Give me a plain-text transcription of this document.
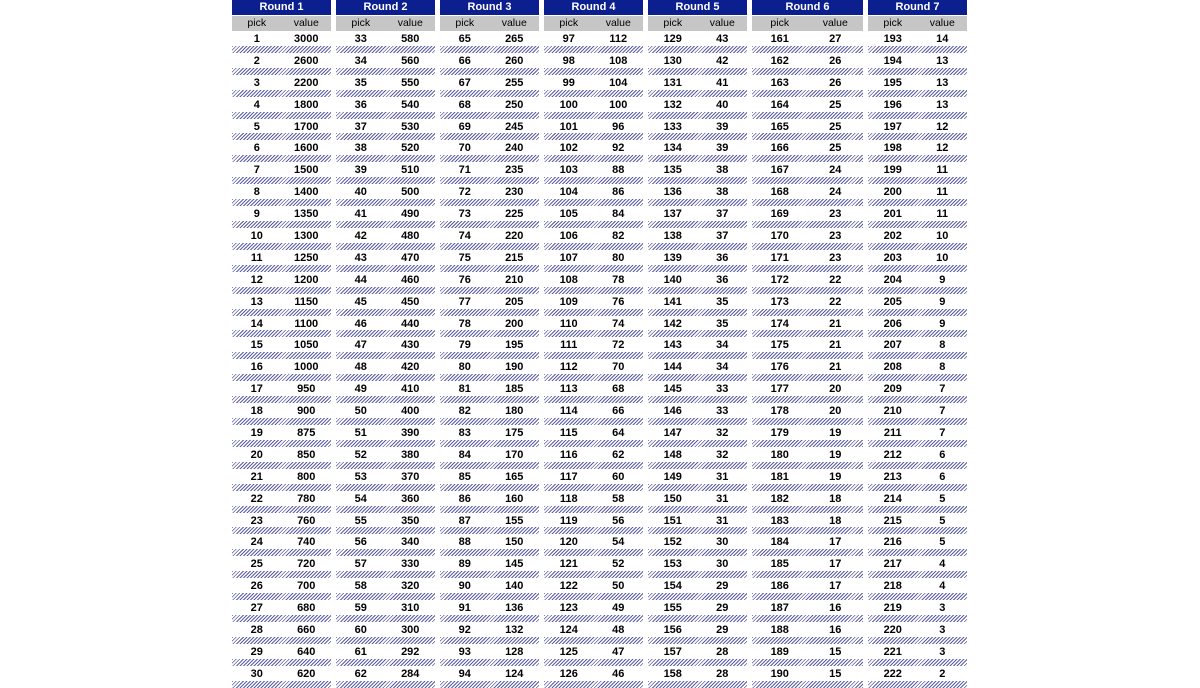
Round 1
pick	value
1	3000
2	2600
3	2200
4	1800
5	1700
6	1600
7	1500
8	1400
9	1350
10	1300
11	1250
12	1200
13	1150
14	1100
15	1050
16	1000
17	950
18	900
19	875
20	850
21	800
22	780
23	760
24	740
25	720
26	700
27	680
28	660
29	640
30	620
Round 2
pick	value
33	580
34	560
35	550
36	540
37	530
38	520
39	510
40	500
41	490
42	480
43	470
44	460
45	450
46	440
47	430
48	420
49	410
50	400
51	390
52	380
53	370
54	360
55	350
56	340
57	330
58	320
59	310
60	300
61	292
62	284
Round 3
pick	value
65	265
66	260
67	255
68	250
69	245
70	240
71	235
72	230
73	225
74	220
75	215
76	210
77	205
78	200
79	195
80	190
81	185
82	180
83	175
84	170
85	165
86	160
87	155
88	150
89	145
90	140
91	136
92	132
93	128
94	124
Round 4
pick	value
97	112
98	108
99	104
100	100
101	96
102	92
103	88
104	86
105	84
106	82
107	80
108	78
109	76
110	74
111	72
112	70
113	68
114	66
115	64
116	62
117	60
118	58
119	56
120	54
121	52
122	50
123	49
124	48
125	47
126	46
Round 5
pick	value
129	43
130	42
131	41
132	40
133	39
134	39
135	38
136	38
137	37
138	37
139	36
140	36
141	35
142	35
143	34
144	34
145	33
146	33
147	32
148	32
149	31
150	31
151	31
152	30
153	30
154	29
155	29
156	29
157	28
158	28
Round 6
pick	value
161	27
162	26
163	26
164	25
165	25
166	25
167	24
168	24
169	23
170	23
171	23
172	22
173	22
174	21
175	21
176	21
177	20
178	20
179	19
180	19
181	19
182	18
183	18
184	17
185	17
186	17
187	16
188	16
189	15
190	15
Round 7
pick	value
193	14
194	13
195	13
196	13
197	12
198	12
199	11
200	11
201	11
202	10
203	10
204	9
205	9
206	9
207	8
208	8
209	7
210	7
211	7
212	6
213	6
214	5
215	5
216	5
217	4
218	4
219	3
220	3
221	3
222	2
